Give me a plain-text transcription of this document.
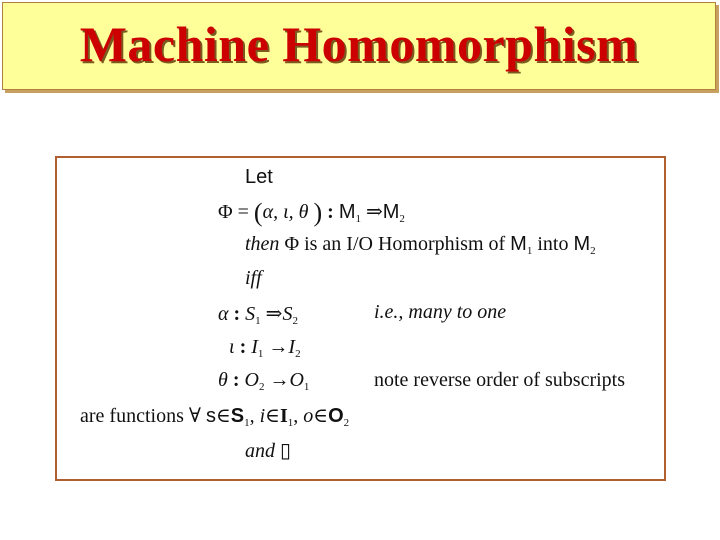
Machine Homomorphism
Let
Φ = (α, ι, θ ) : $M_1$ $\Rightarrow M_2$
then Φ is an I/O Homorphism of $M_1$ into $M_2$
iff
α : $S_1$ $\Rightarrow S_2$	i.e., many to one
ι : $I_1 \to I_2$
θ : $O_2 \to O_1$	note reverse order of subscripts
are functions ∀ $s\in S_1$, $i\in I_1$, $o\in O_2$
and ▯
